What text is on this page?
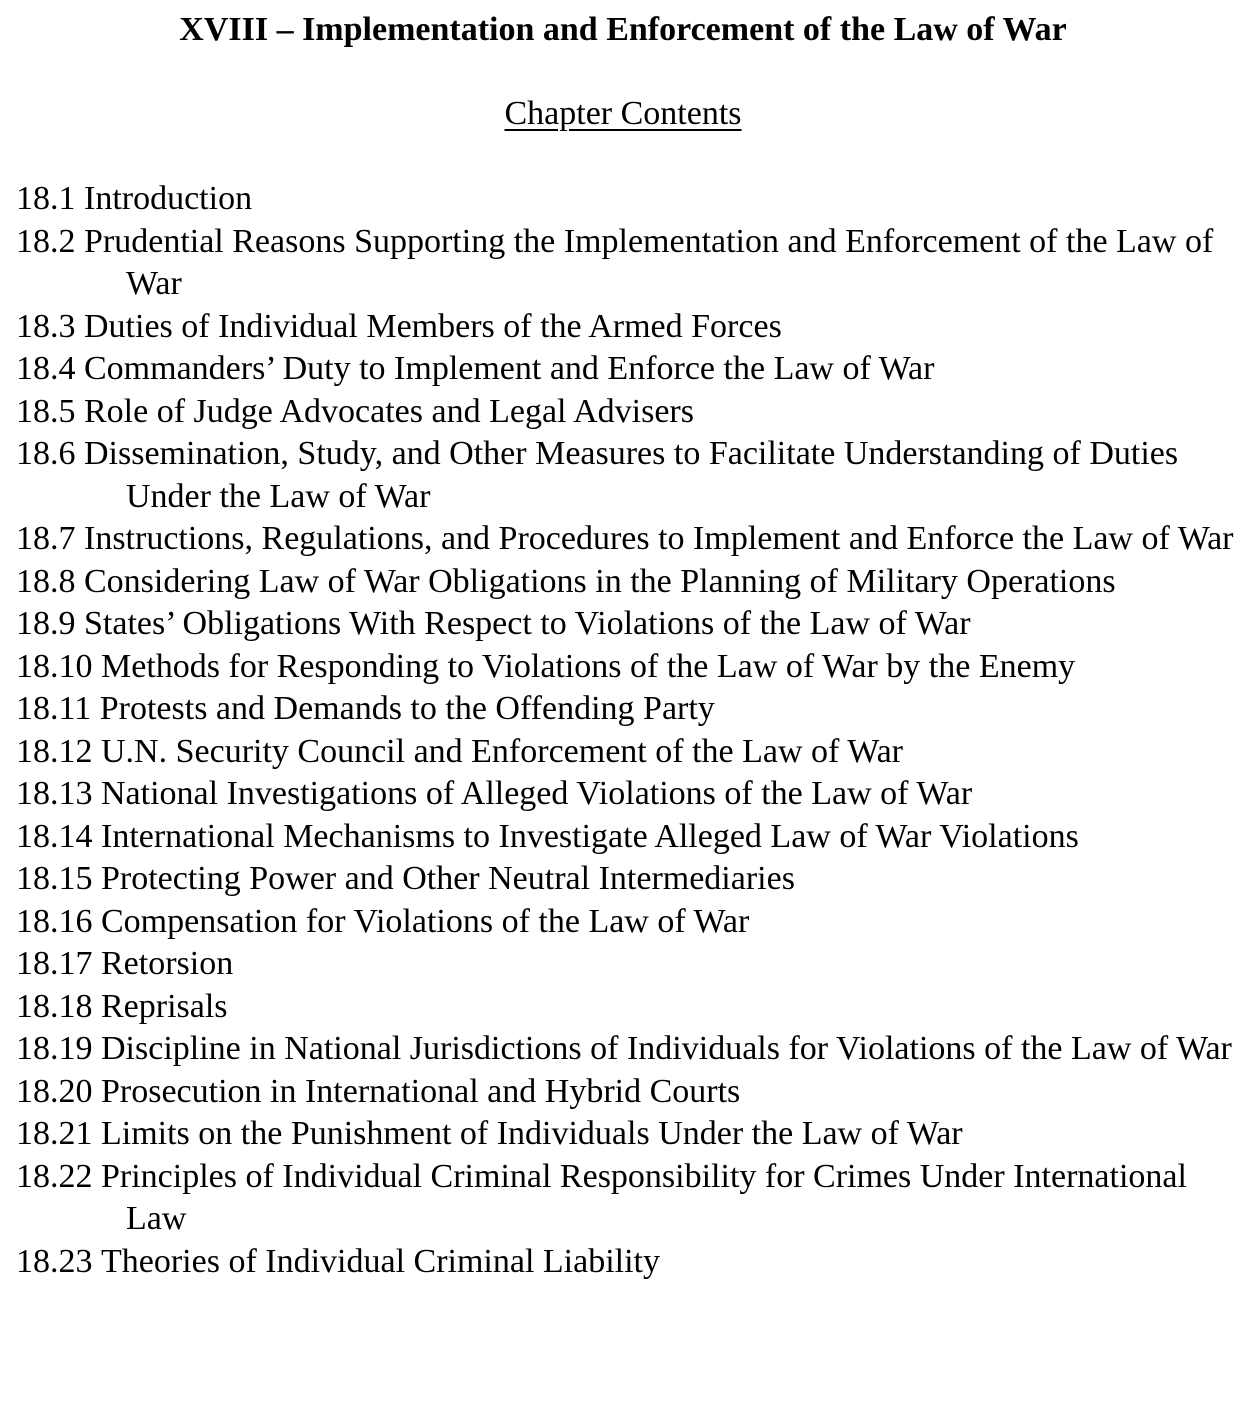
XVIII – Implementation and Enforcement of the Law of War
Chapter Contents
18.1 Introduction
18.2 Prudential Reasons Supporting the Implementation and Enforcement of the Law of War
18.3 Duties of Individual Members of the Armed Forces
18.4 Commanders’ Duty to Implement and Enforce the Law of War
18.5 Role of Judge Advocates and Legal Advisers
18.6 Dissemination, Study, and Other Measures to Facilitate Understanding of Duties Under the Law of War
18.7 Instructions, Regulations, and Procedures to Implement and Enforce the Law of War
18.8 Considering Law of War Obligations in the Planning of Military Operations
18.9 States’ Obligations With Respect to Violations of the Law of War
18.10 Methods for Responding to Violations of the Law of War by the Enemy
18.11 Protests and Demands to the Offending Party
18.12 U.N. Security Council and Enforcement of the Law of War
18.13 National Investigations of Alleged Violations of the Law of War
18.14 International Mechanisms to Investigate Alleged Law of War Violations
18.15 Protecting Power and Other Neutral Intermediaries
18.16 Compensation for Violations of the Law of War
18.17 Retorsion
18.18 Reprisals
18.19 Discipline in National Jurisdictions of Individuals for Violations of the Law of War
18.20 Prosecution in International and Hybrid Courts
18.21 Limits on the Punishment of Individuals Under the Law of War
18.22 Principles of Individual Criminal Responsibility for Crimes Under International Law
18.23 Theories of Individual Criminal Liability
